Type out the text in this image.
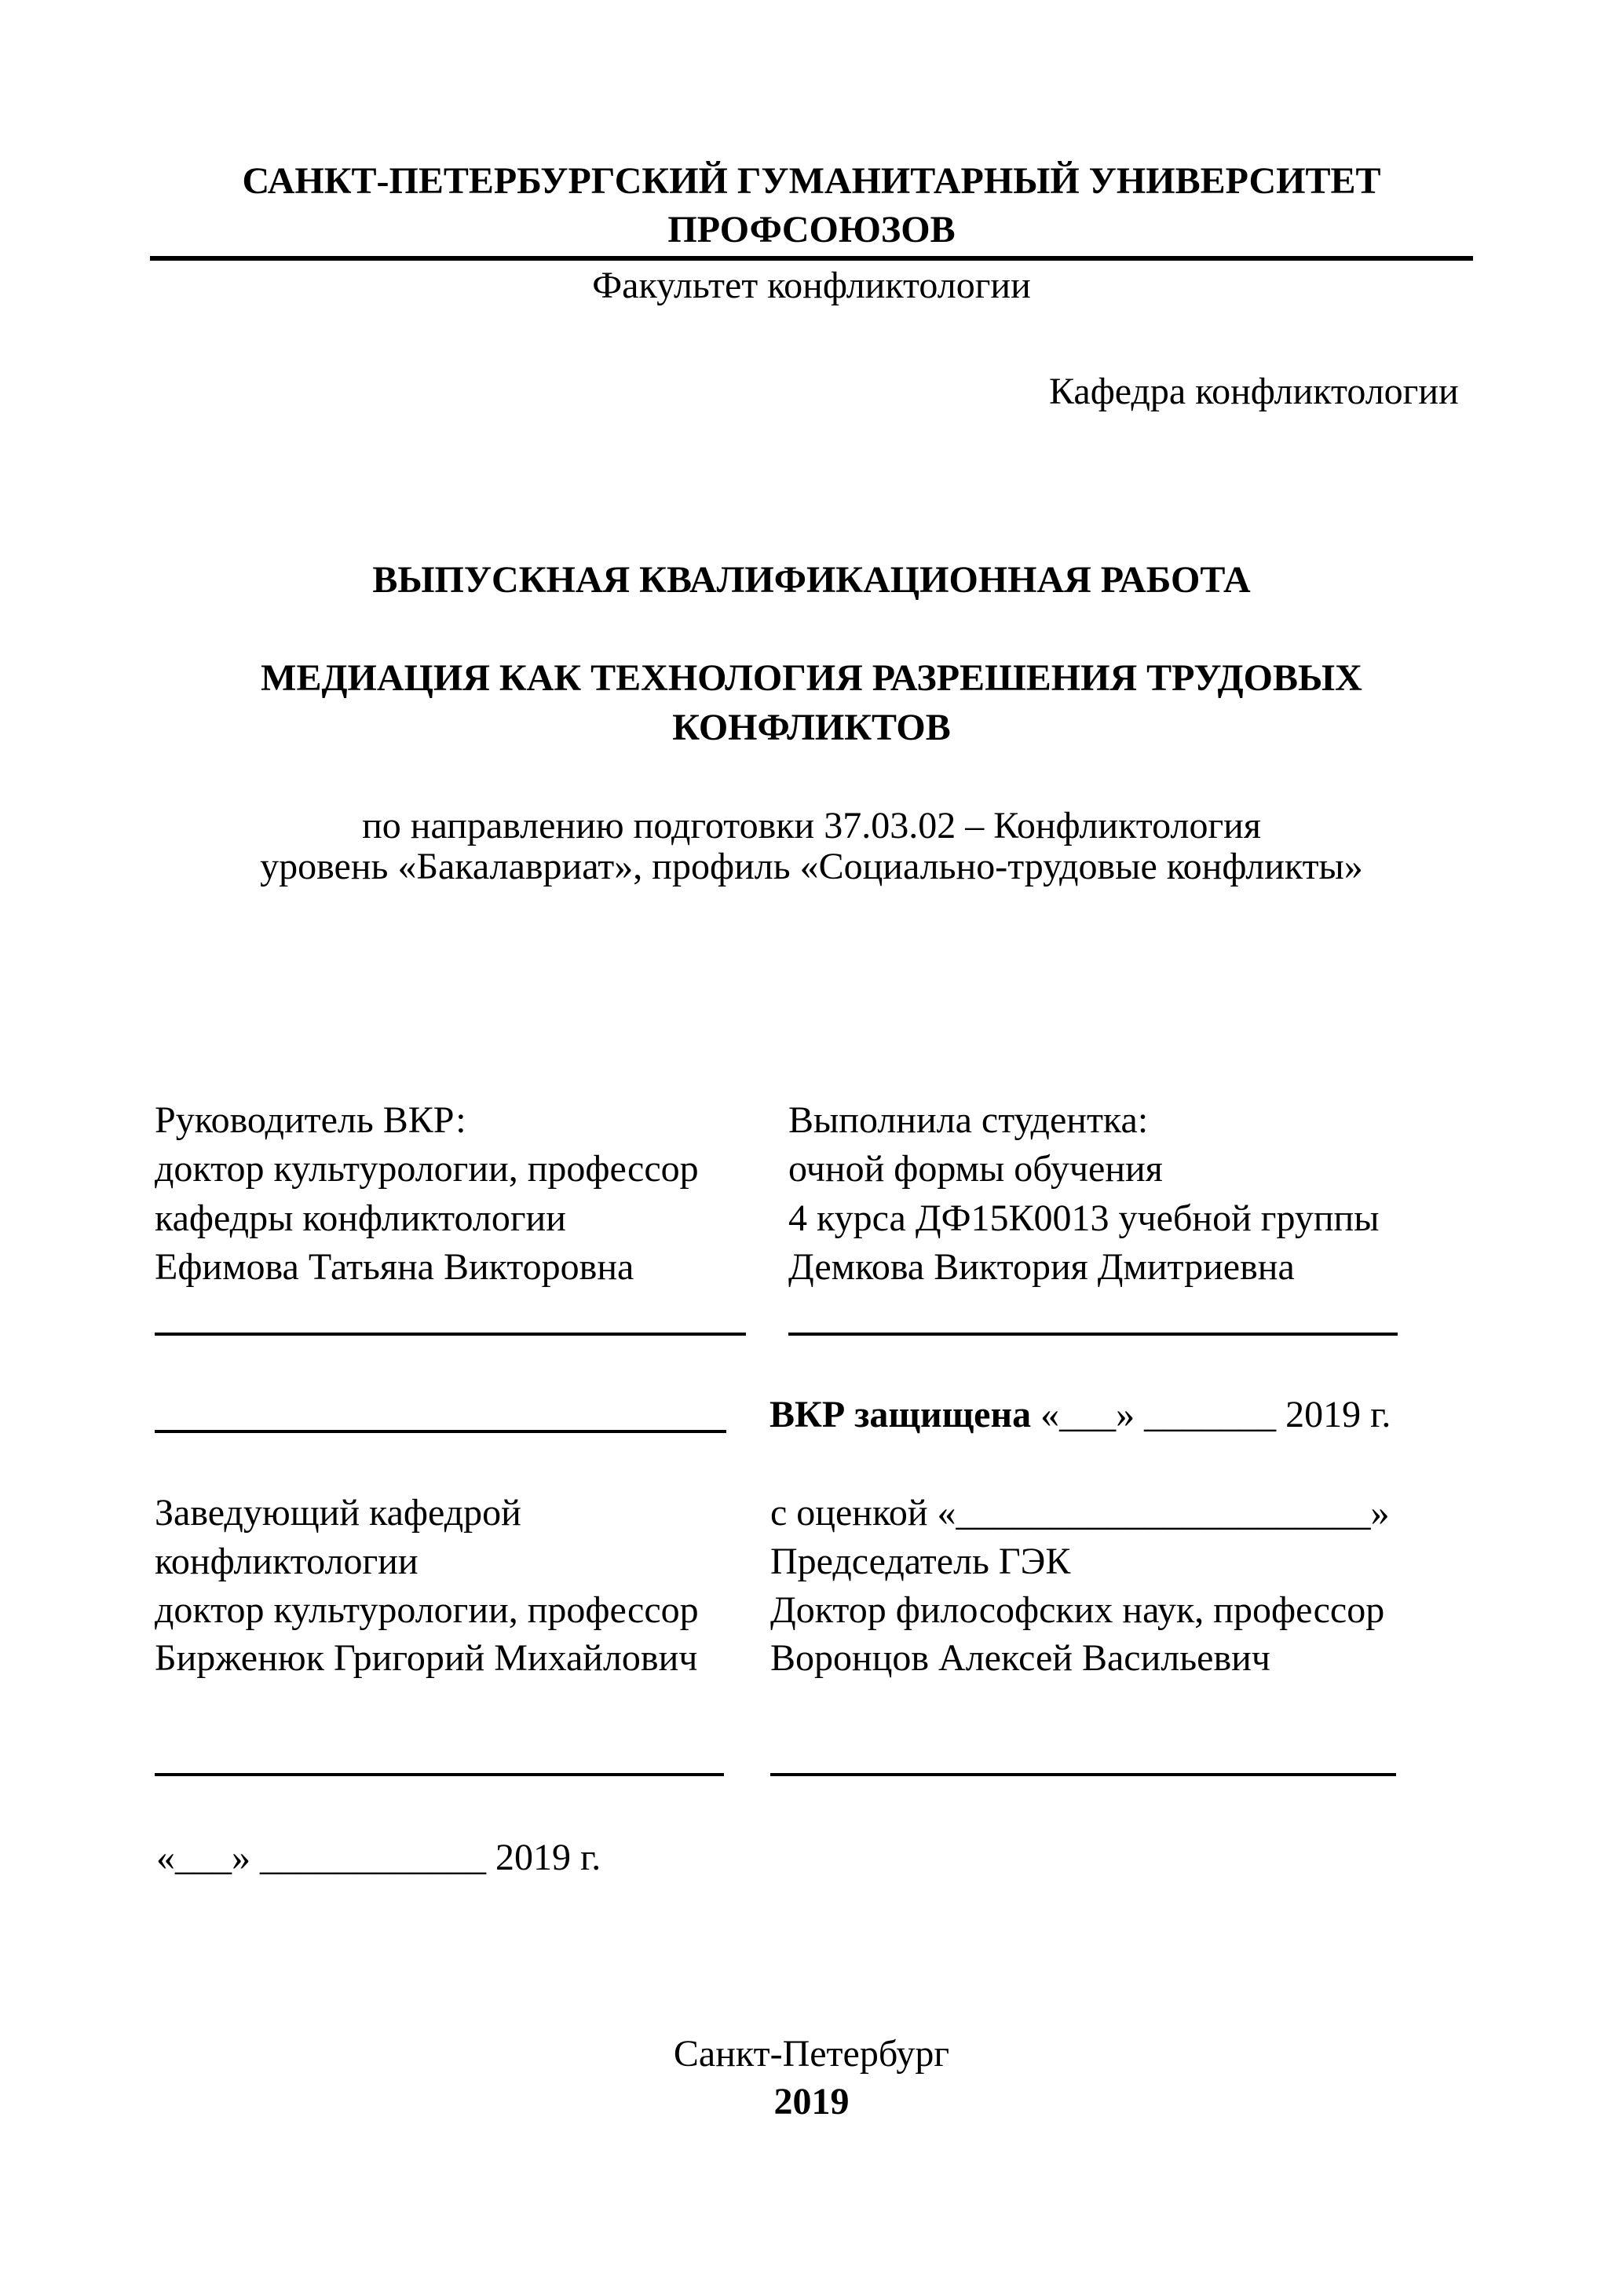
САНКТ-ПЕТЕРБУРГСКИЙ ГУМАНИТАРНЫЙ УНИВЕРСИТЕТ
ПРОФСОЮЗОВ
Факультет конфликтологии
Кафедра конфликтологии
ВЫПУСКНАЯ КВАЛИФИКАЦИОННАЯ РАБОТА
МЕДИАЦИЯ КАК ТЕХНОЛОГИЯ РАЗРЕШЕНИЯ ТРУДОВЫХ
КОНФЛИКТОВ
по направлению подготовки 37.03.02 – Конфликтология
уровень «Бакалавриат», профиль «Социально-трудовые конфликты»
Руководитель ВКР:
доктор культурологии, профессор
кафедры конфликтологии
Ефимова Татьяна Викторовна
Выполнила студентка:
очной формы обучения
4 курса ДФ15К0013 учебной группы
Демкова Виктория Дмитриевна
ВКР защищена «___» _______ 2019 г.
Заведующий кафедрой
конфликтологии
доктор культурологии, профессор
Бирженюк Григорий Михайлович
с оценкой «______________________»
Председатель ГЭК
Доктор философских наук, профессор
Воронцов Алексей Васильевич
«___» ____________ 2019 г.
Санкт-Петербург
2019
